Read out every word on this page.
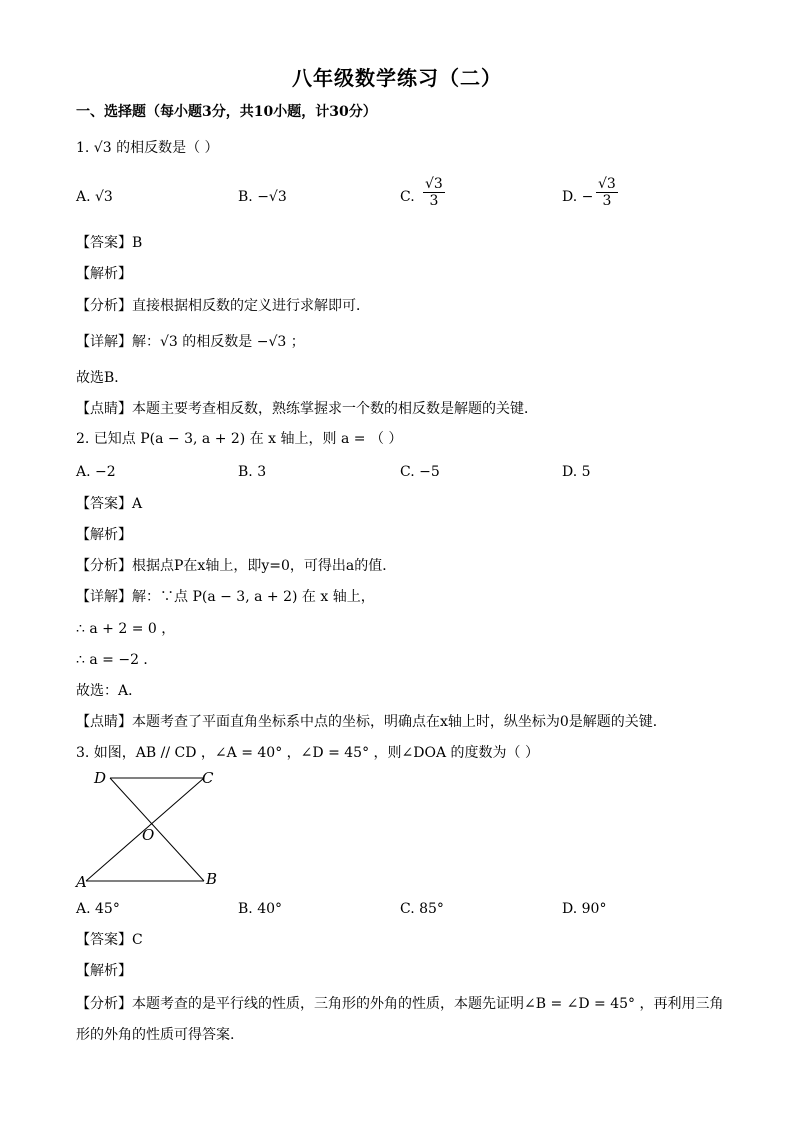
八年级数学练习（二）
一、选择题（每小题3分，共10小题，计30分）
1. √3 的相反数是（ ）
A. √3	B. −√3	C. $\frac{√3}{3}$	D. − $\frac{√3}{3}$
【答案】B
【解析】
【分析】直接根据相反数的定义进行求解即可．
【详解】解：√3 的相反数是 −√3 ；
故选B．
【点睛】本题主要考查相反数，熟练掌握求一个数的相反数是解题的关键．
2. 已知点 P(a − 3, a + 2) 在 x 轴上，则 a = （ ）
A. −2	B. 3	C. −5	D. 5
【答案】A
【解析】
【分析】根据点P在x轴上，即y=0，可得出a的值．
【详解】解：∵点 P(a − 3, a + 2) 在 x 轴上，
∴ a + 2 = 0 ，
∴ a = −2 ．
故选：A．
【点睛】本题考查了平面直角坐标系中点的坐标，明确点在x轴上时，纵坐标为0是解题的关键．
3. 如图，AB // CD ，∠A = 40° ，∠D = 45° ，则∠DOA 的度数为（ ）
D	C
O
A	B
A. 45°	B. 40°	C. 85°	D. 90°
【答案】C
【解析】
【分析】本题考查的是平行线的性质，三角形的外角的性质，本题先证明∠B = ∠D = 45° ，再利用三角
形的外角的性质可得答案.
